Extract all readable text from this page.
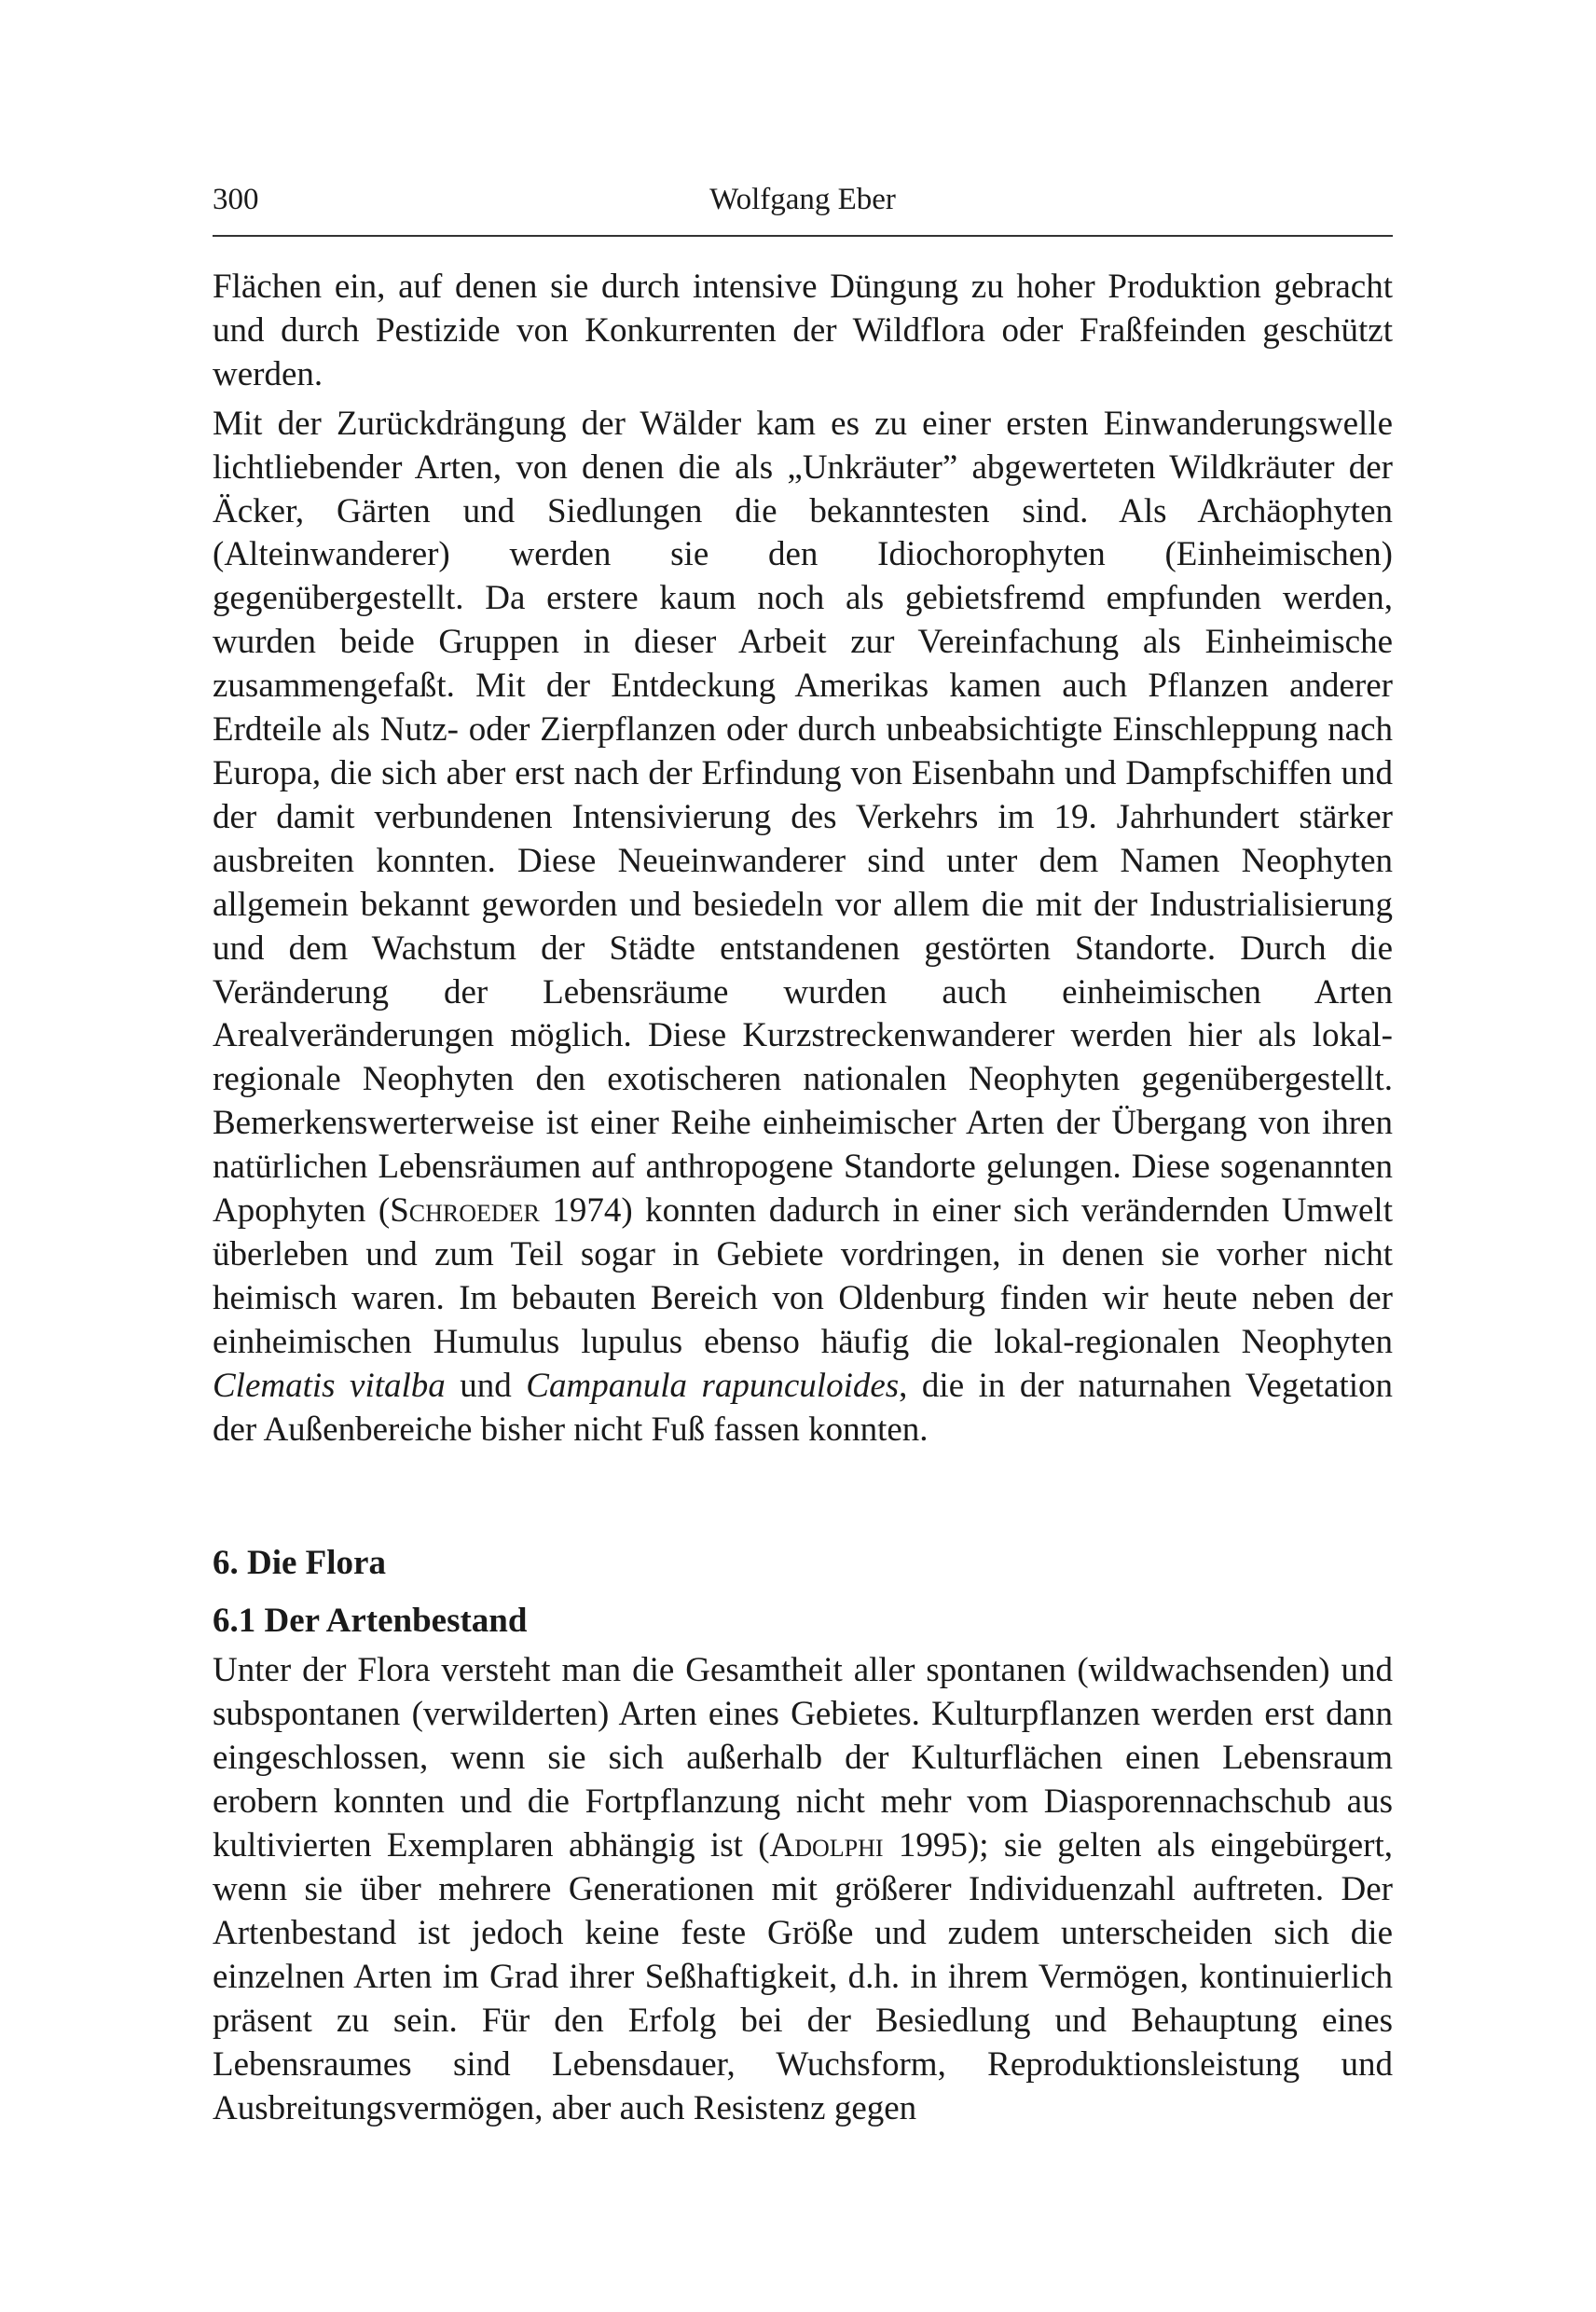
300	Wolfgang Eber

Flächen ein, auf denen sie durch intensive Düngung zu hoher Produktion gebracht und durch Pestizide von Konkurrenten der Wildflora oder Fraßfeinden geschützt werden.

Mit der Zurückdrängung der Wälder kam es zu einer ersten Einwanderungswelle lichtliebender Arten, von denen die als „Unkräuter” abgewerteten Wildkräuter der Äcker, Gärten und Siedlungen die bekanntesten sind. Als Archäophyten (Alteinwanderer) werden sie den Idiochorophyten (Einheimischen) gegenübergestellt. Da erstere kaum noch als gebietsfremd empfunden werden, wurden beide Gruppen in dieser Arbeit zur Vereinfachung als Einheimische zusammengefaßt. Mit der Entdeckung Amerikas kamen auch Pflanzen anderer Erdteile als Nutz- oder Zierpflanzen oder durch unbeabsichtigte Einschleppung nach Europa, die sich aber erst nach der Erfindung von Eisenbahn und Dampfschiffen und der damit verbundenen Intensivierung des Verkehrs im 19. Jahrhundert stärker ausbreiten konnten. Diese Neueinwanderer sind unter dem Namen Neophyten allgemein bekannt geworden und besiedeln vor allem die mit der Industrialisierung und dem Wachstum der Städte entstandenen gestörten Standorte. Durch die Veränderung der Lebensräume wurden auch einheimischen Arten Arealveränderungen möglich. Diese Kurzstreckenwanderer werden hier als lokal-regionale Neophyten den exotischeren nationalen Neophyten gegenübergestellt. Bemerkenswerterweise ist einer Reihe einheimischer Arten der Übergang von ihren natürlichen Lebensräumen auf anthropogene Standorte gelungen. Diese sogenannten Apophyten (Schroeder 1974) konnten dadurch in einer sich verändernden Umwelt überleben und zum Teil sogar in Gebiete vordringen, in denen sie vorher nicht heimisch waren. Im bebauten Bereich von Oldenburg finden wir heute neben der einheimischen Humulus lupulus ebenso häufig die lokal-regionalen Neophyten Clematis vitalba und Campanula rapunculoides, die in der naturnahen Vegetation der Außenbereiche bisher nicht Fuß fassen konnten.

6. Die Flora
6.1 Der Artenbestand

Unter der Flora versteht man die Gesamtheit aller spontanen (wildwachsenden) und subspontanen (verwilderten) Arten eines Gebietes. Kulturpflanzen werden erst dann eingeschlossen, wenn sie sich außerhalb der Kulturflächen einen Lebensraum erobern konnten und die Fortpflanzung nicht mehr vom Diasporennachschub aus kultivierten Exemplaren abhängig ist (Adolphi 1995); sie gelten als eingebürgert, wenn sie über mehrere Generationen mit größerer Individuenzahl auftreten. Der Artenbestand ist jedoch keine feste Größe und zudem unterscheiden sich die einzelnen Arten im Grad ihrer Seßhaftigkeit, d.h. in ihrem Vermögen, kontinuierlich präsent zu sein. Für den Erfolg bei der Besiedlung und Behauptung eines Lebensraumes sind Lebensdauer, Wuchsform, Reproduktionsleistung und Ausbreitungsvermögen, aber auch Resistenz gegen
